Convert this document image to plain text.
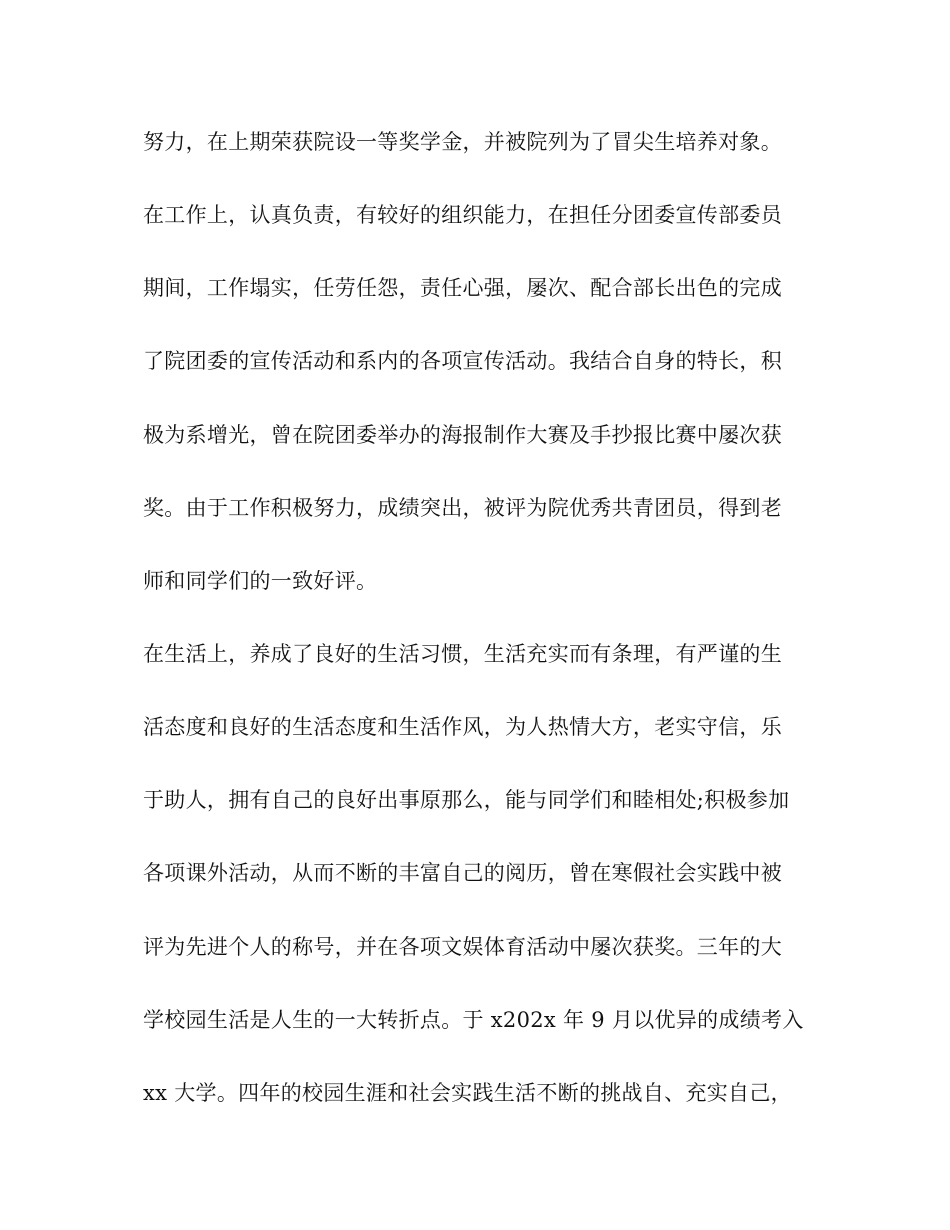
努力，在上期荣获院设一等奖学金，并被院列为了冒尖生培养对象。
在工作上，认真负责，有较好的组织能力，在担任分团委宣传部委员
期间，工作塌实，任劳任怨，责任心强，屡次、配合部长出色的完成
了院团委的宣传活动和系内的各项宣传活动。我结合自身的特长，积
极为系增光，曾在院团委举办的海报制作大赛及手抄报比赛中屡次获
奖。由于工作积极努力，成绩突出，被评为院优秀共青团员，得到老
师和同学们的一致好评。
在生活上，养成了良好的生活习惯，生活充实而有条理，有严谨的生
活态度和良好的生活态度和生活作风，为人热情大方，老实守信，乐
于助人，拥有自己的良好出事原那么，能与同学们和睦相处;积极参加
各项课外活动，从而不断的丰富自己的阅历，曾在寒假社会实践中被
评为先进个人的称号，并在各项文娱体育活动中屡次获奖。三年的大
学校园生活是人生的一大转折点。于 x202x 年 9 月以优异的成绩考入
xx 大学。四年的校园生涯和社会实践生活不断的挑战自、充实自己，
